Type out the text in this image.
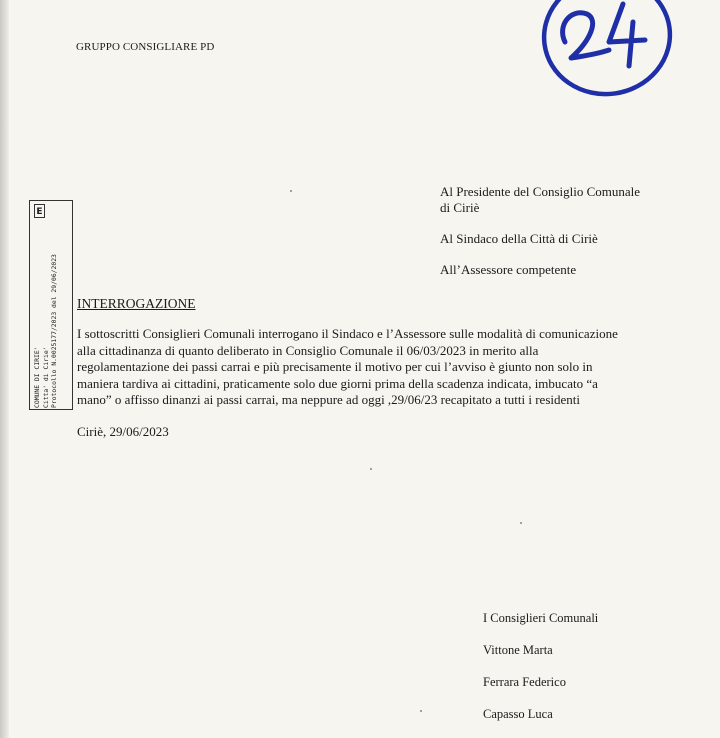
GRUPPO CONSIGLIARE PD
Al Presidente del Consiglio Comunale
di Ciriè
Al Sindaco della Città di Ciriè
All’Assessore competente
COMUNE DI CIRIE' Citta' di Cirie' Protocollo N.0025177/2023 del 29/06/2023
E
INTERROGAZIONE
I sottoscritti Consiglieri Comunali interrogano il Sindaco e l’Assessore sulle modalità di comunicazione
alla cittadinanza di quanto deliberato in Consiglio Comunale il 06/03/2023 in merito alla
regolamentazione dei passi carrai e più precisamente il motivo per cui l’avviso è giunto non solo in
maniera tardiva ai cittadini, praticamente solo due giorni prima della scadenza indicata, imbucato “a
mano” o affisso dinanzi ai passi carrai, ma neppure ad oggi ,29/06/23 recapitato a tutti i residenti
Ciriè, 29/06/2023
I Consiglieri Comunali
Vittone Marta
Ferrara Federico
Capasso Luca
